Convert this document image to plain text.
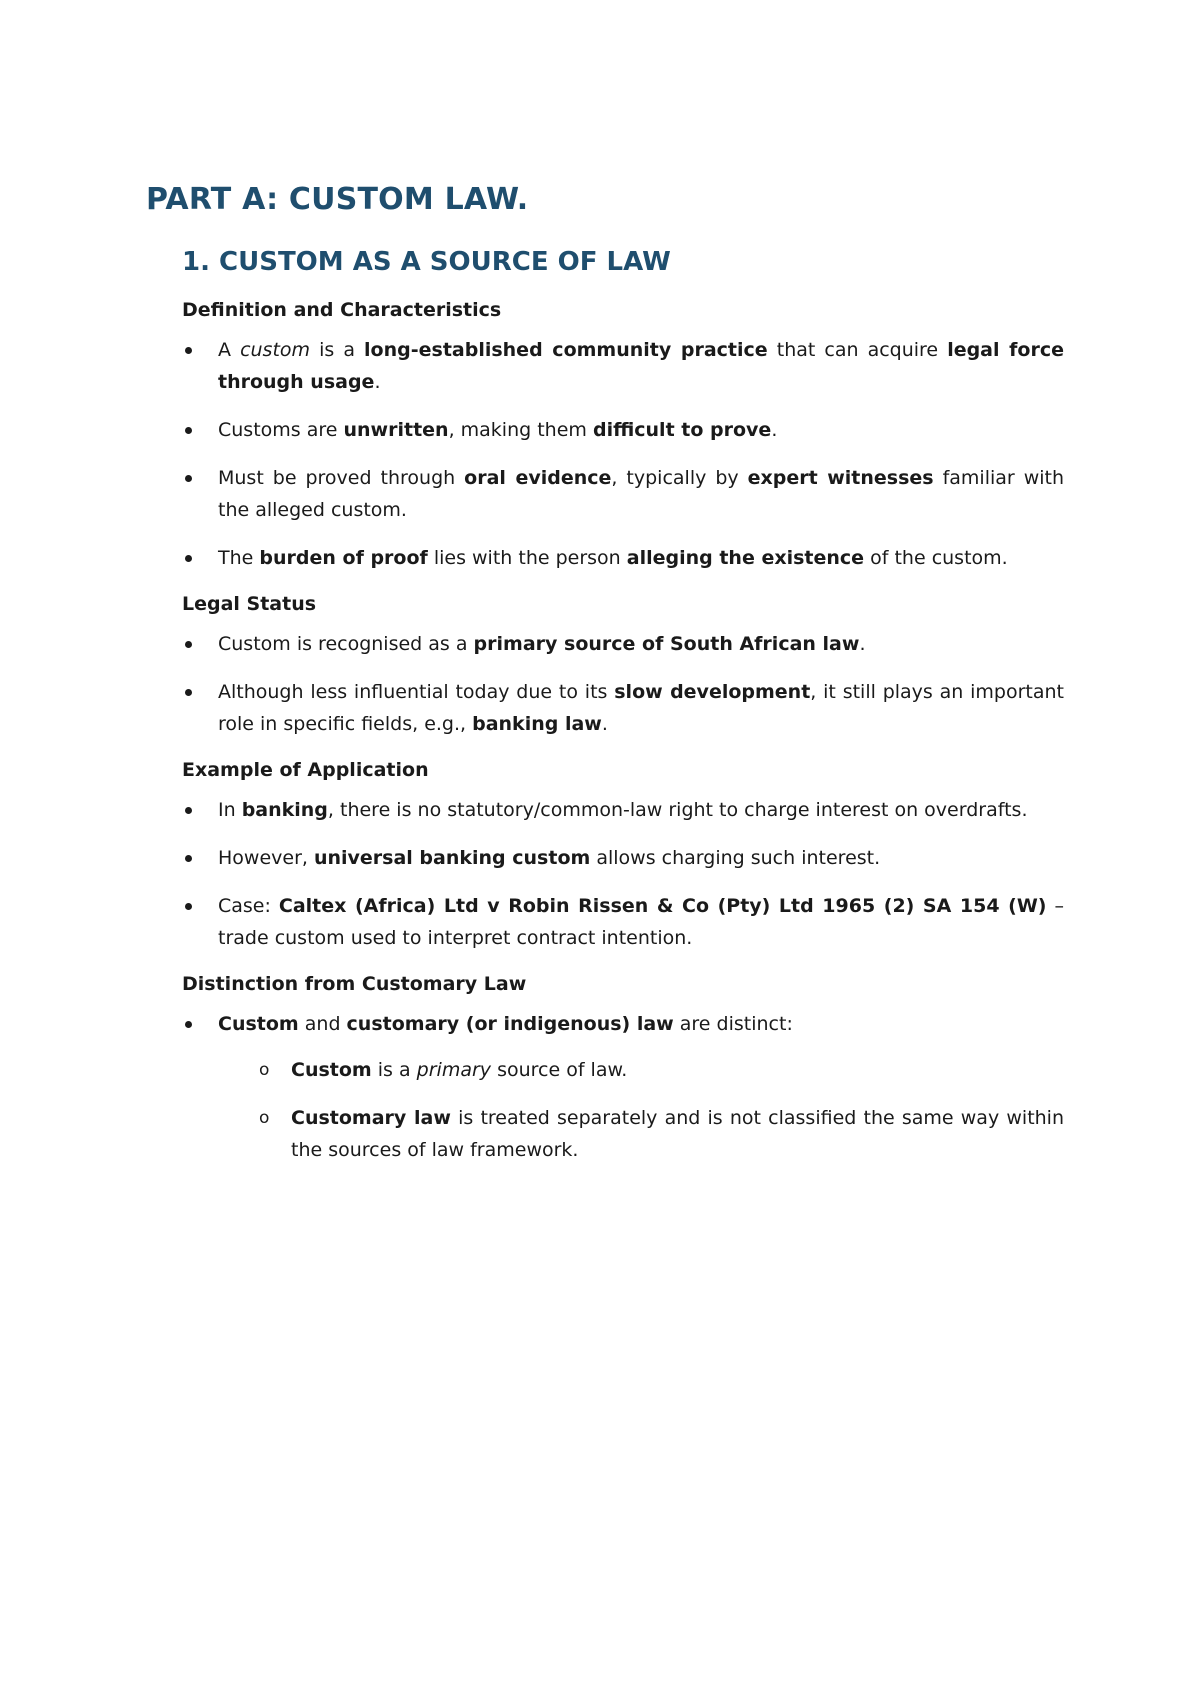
PART A: CUSTOM LAW.
1. CUSTOM AS A SOURCE OF LAW
Definition and Characteristics
A custom is a long-established community practice that can acquire legal force through usage.
Customs are unwritten, making them difficult to prove.
Must be proved through oral evidence, typically by expert witnesses familiar with the alleged custom.
The burden of proof lies with the person alleging the existence of the custom.
Legal Status
Custom is recognised as a primary source of South African law.
Although less influential today due to its slow development, it still plays an important role in specific fields, e.g., banking law.
Example of Application
In banking, there is no statutory/common-law right to charge interest on overdrafts.
However, universal banking custom allows charging such interest.
Case: Caltex (Africa) Ltd v Robin Rissen & Co (Pty) Ltd 1965 (2) SA 154 (W) – trade custom used to interpret contract intention.
Distinction from Customary Law
Custom and customary (or indigenous) law are distinct:
o Custom is a primary source of law.
o Customary law is treated separately and is not classified the same way within the sources of law framework.
